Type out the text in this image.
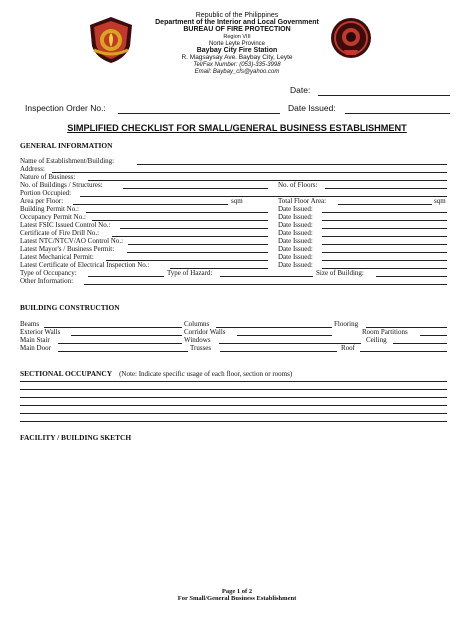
Republic of the Philippines
Department of the Interior and Local Government
BUREAU OF FIRE PROTECTION
Region VIII
Norte Leyte Province
Baybay City Fire Station
R. Magsaysay Ave. Baybay City, Leyte
Tel/Fax Number: (053)-335-3998
Email: Baybay_cfs@yahoo.com
Date:
Inspection Order No.:	Date Issued:
SIMPLIFIED CHECKLIST FOR SMALL/GENERAL BUSINESS ESTABLISHMENT
GENERAL INFORMATION
Name of Establishment/Building:
Address:
Nature of Business:
No. of Buildings / Structures:	No. of Floors:
Portion Occupied:
Area per Floor:	sqm	Total Floor Area:	sqm
Building Permit No.:	Date Issued:
Occupancy Permit No.:	Date Issued:
Latest FSIC Issued Control No.:	Date Issued:
Certificate of Fire Drill No.:	Date Issued:
Latest NTC/NTCV/AO Control No.:	Date Issued:
Latest Mayor's / Business Permit:	Date Issued:
Latest Mechanical Permit:	Date Issued:
Latest Certificate of Electrical Inspection No.:	Date Issued:
Type of Occupancy:	Type of Hazard:	Size of Building:
Other Information:
BUILDING CONSTRUCTION
Beams	Columns	Flooring
Exterior Walls	Corridor Walls	Room Partitions
Main Stair	Windows	Ceiling
Main Door	Trusses	Roof
SECTIONAL OCCUPANCY (Note: Indicate specific usage of each floor, section or rooms)
FACILITY / BUILDING SKETCH
Page 1 of 2
For Small/General Business Establishment
